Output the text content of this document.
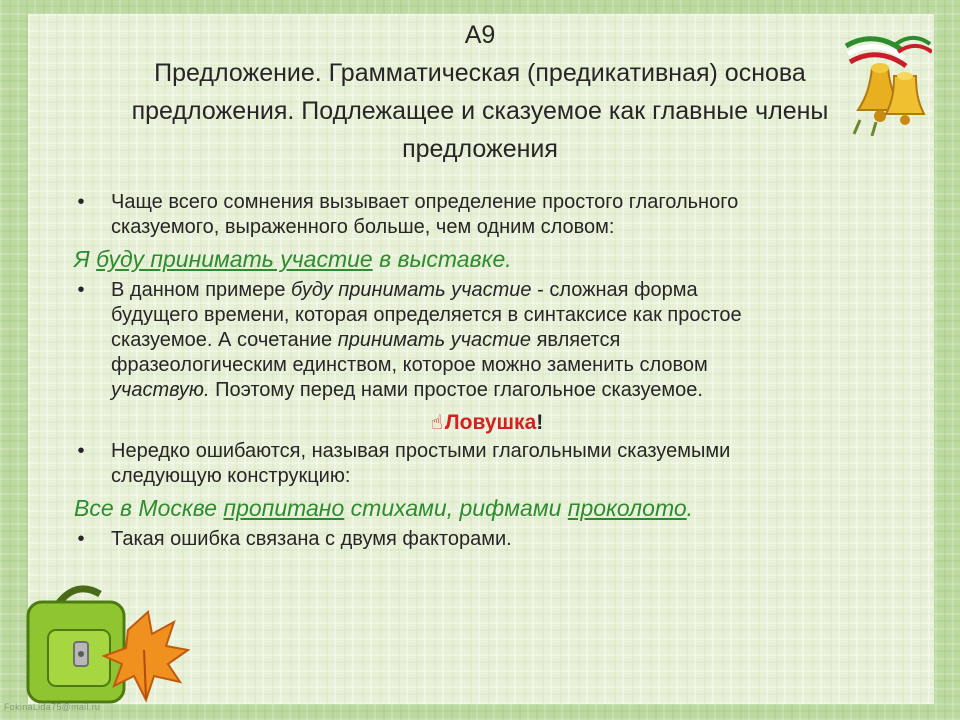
А9
Предложение. Грамматическая (предикативная) основа
предложения. Подлежащее и сказуемое как главные члены
предложения
• Чаще всего сомнения вызывает определение простого глагольного
сказуемого, выраженного больше, чем одним словом:
Я буду принимать участие в выставке.
• В данном примере буду принимать участие - сложная форма
будущего времени, которая определяется в синтаксисе как простое
сказуемое. А сочетание принимать участие является
фразеологическим единством, которое можно заменить словом
участвую. Поэтому перед нами простое глагольное сказуемое.
☝Ловушка!
• Нередко ошибаются, называя простыми глагольными сказуемыми
следующую конструкцию:
Все в Москве пропитано стихами, рифмами проколото.
• Такая ошибка связана с двумя факторами.
FokinaLida75@mail.ru
